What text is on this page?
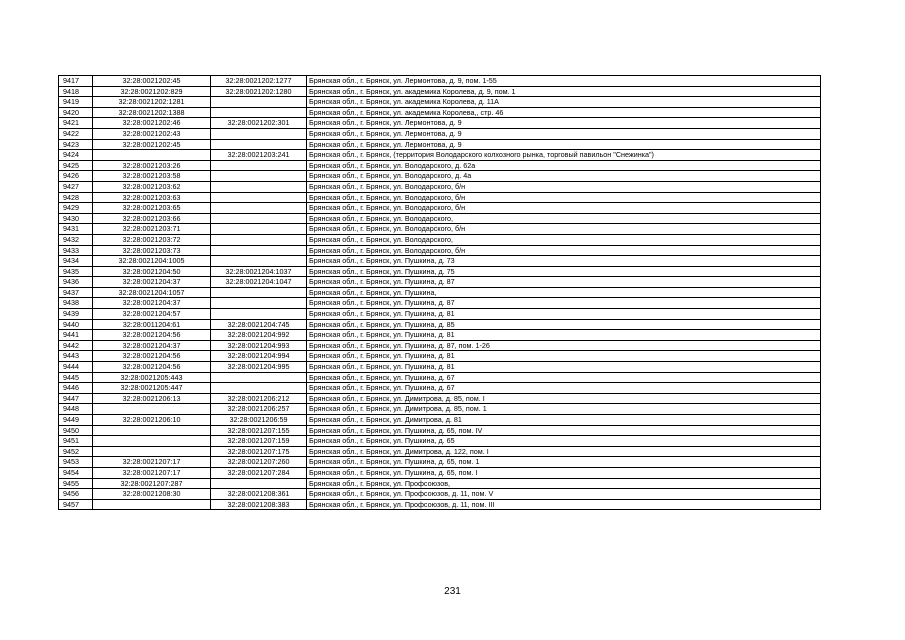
9417	32:28:0021202:45	32:28:0021202:1277	Брянская обл., г. Брянск, ул. Лермонтова, д. 9, пом. 1-55
9418	32:28:0021202:829	32:28:0021202:1280	Брянская обл., г. Брянск, ул. академика Королева, д. 9, пом. 1
9419	32:28:0021202:1281		Брянская обл., г. Брянск, ул. академика Королева, д. 11А
9420	32:28:0021202:1388		Брянская обл., г. Брянск, ул. академика Королева,, стр. 46
9421	32:28:0021202:46	32:28:0021202:301	Брянская обл., г. Брянск, ул. Лермонтова, д. 9
9422	32:28:0021202:43		Брянская обл., г. Брянск, ул. Лермонтова, д. 9
9423	32:28:0021202:45		Брянская обл., г. Брянск, ул. Лермонтова, д. 9
9424		32:28:0021203:241	Брянская обл., г. Брянск, (территория Володарского колхозного рынка, торговый павильон "Снежинка")
9425	32:28:0021203:26		Брянская обл., г. Брянск, ул. Володарского, д. 62а
9426	32:28:0021203:58		Брянская обл., г. Брянск, ул. Володарского, д. 4а
9427	32:28:0021203:62		Брянская обл., г. Брянск, ул. Володарского, б/н
9428	32:28:0021203:63		Брянская обл., г. Брянск, ул. Володарского, б/н
9429	32:28:0021203:65		Брянская обл., г. Брянск, ул. Володарского, б/н
9430	32:28:0021203:66		Брянская обл., г. Брянск, ул. Володарского,
9431	32:28:0021203:71		Брянская обл., г. Брянск, ул. Володарского, б/н
9432	32:28:0021203:72		Брянская обл., г. Брянск, ул. Володарского,
9433	32:28:0021203:73		Брянская обл., г. Брянск, ул. Володарского, б/н
9434	32:28:0021204:1005		Брянская обл., г. Брянск, ул. Пушкина, д. 73
9435	32:28:0021204:50	32:28:0021204:1037	Брянская обл., г. Брянск, ул. Пушкина, д. 75
9436	32:28:0021204:37	32:28:0021204:1047	Брянская обл., г. Брянск, ул. Пушкина, д. 87
9437	32:28:0021204:1057		Брянская обл., г. Брянск, ул. Пушкина,
9438	32:28:0021204:37		Брянская обл., г. Брянск, ул. Пушкина, д. 87
9439	32:28:0021204:57		Брянская обл., г. Брянск, ул. Пушкина, д. 81
9440	32:28:0011204:61	32:28:0021204:745	Брянская обл., г. Брянск, ул. Пушкина, д. 85
9441	32:28:0021204:56	32:28:0021204:992	Брянская обл., г. Брянск, ул. Пушкина, д. 81
9442	32:28:0021204:37	32:28:0021204:993	Брянская обл., г. Брянск, ул. Пушкина, д. 87, пом. 1-26
9443	32:28:0021204:56	32:28:0021204:994	Брянская обл., г. Брянск, ул. Пушкина, д. 81
9444	32:28:0021204:56	32:28:0021204:995	Брянская обл., г. Брянск, ул. Пушкина, д. 81
9445	32:28:0021205:443		Брянская обл., г. Брянск, ул. Пушкина, д. 67
9446	32:28:0021205:447		Брянская обл., г. Брянск, ул. Пушкина, д. 67
9447	32:28:0021206:13	32:28:0021206:212	Брянская обл., г. Брянск, ул. Димитрова, д. 85, пом. I
9448		32:28:0021206:257	Брянская обл., г. Брянск, ул. Димитрова, д. 85, пом. 1
9449	32:28:0021206:10	32:28:0021206:59	Брянская обл., г. Брянск, ул. Димитрова, д. 81
9450		32:28:0021207:155	Брянская обл., г. Брянск, ул. Пушкина, д. 65, пом. IV
9451		32:28:0021207:159	Брянская обл., г. Брянск, ул. Пушкина, д. 65
9452		32:28:0021207:175	Брянская обл., г. Брянск, ул. Димитрова, д. 122, пом. I
9453	32:28:0021207:17	32:28:0021207:260	Брянская обл., г. Брянск, ул. Пушкина, д. 65, пом. 1
9454	32:28:0021207:17	32:28:0021207:284	Брянская обл., г. Брянск, ул. Пушкина, д. 65, пом. I
9455	32:28:0021207:287		Брянская обл., г. Брянск, ул. Профсоюзов,
9456	32:28:0021208:30	32:28:0021208:361	Брянская обл., г. Брянск, ул. Профсоюзов, д. 11, пом. V
9457		32:28:0021208:383	Брянская обл., г. Брянск, ул. Профсоюзов, д. 11, пом. III
231
